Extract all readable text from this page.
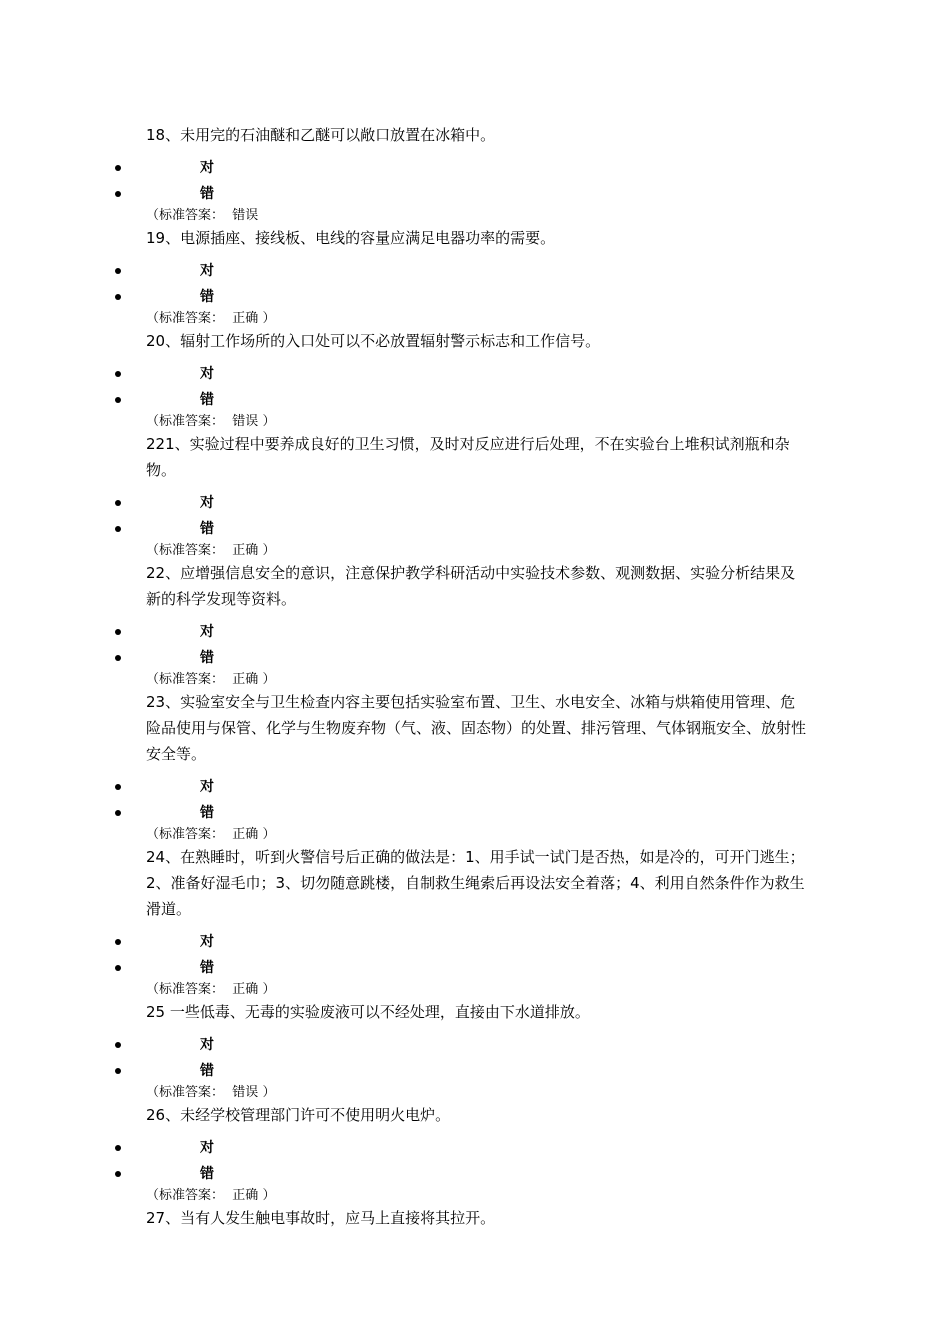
18、未用完的石油醚和乙醚可以敞口放置在冰箱中。
对
错
（标准答案： 错误
19、电源插座、接线板、电线的容量应满足电器功率的需要。
对
错
（标准答案： 正确 ）
20、辐射工作场所的入口处可以不必放置辐射警示标志和工作信号。
对
错
（标准答案： 错误 ）
221、实验过程中要养成良好的卫生习惯，及时对反应进行后处理，不在实验台上堆积试剂瓶和杂物。
对
错
（标准答案： 正确 ）
22、应增强信息安全的意识，注意保护教学科研活动中实验技术参数、观测数据、实验分析结果及新的科学发现等资料。
对
错
（标准答案： 正确 ）
23、实验室安全与卫生检查内容主要包括实验室布置、卫生、水电安全、冰箱与烘箱使用管理、危险品使用与保管、化学与生物废弃物（气、液、固态物）的处置、排污管理、气体钢瓶安全、放射性安全等。
对
错
（标准答案： 正确 ）
24、在熟睡时，听到火警信号后正确的做法是：1、用手试一试门是否热，如是冷的，可开门逃生；2、准备好湿毛巾；3、切勿随意跳楼，自制救生绳索后再设法安全着落；4、利用自然条件作为救生滑道。
对
错
（标准答案： 正确 ）
25 一些低毒、无毒的实验废液可以不经处理，直接由下水道排放。
对
错
（标准答案： 错误 ）
26、未经学校管理部门许可不使用明火电炉。
对
错
（标准答案： 正确 ）
27、当有人发生触电事故时，应马上直接将其拉开。
